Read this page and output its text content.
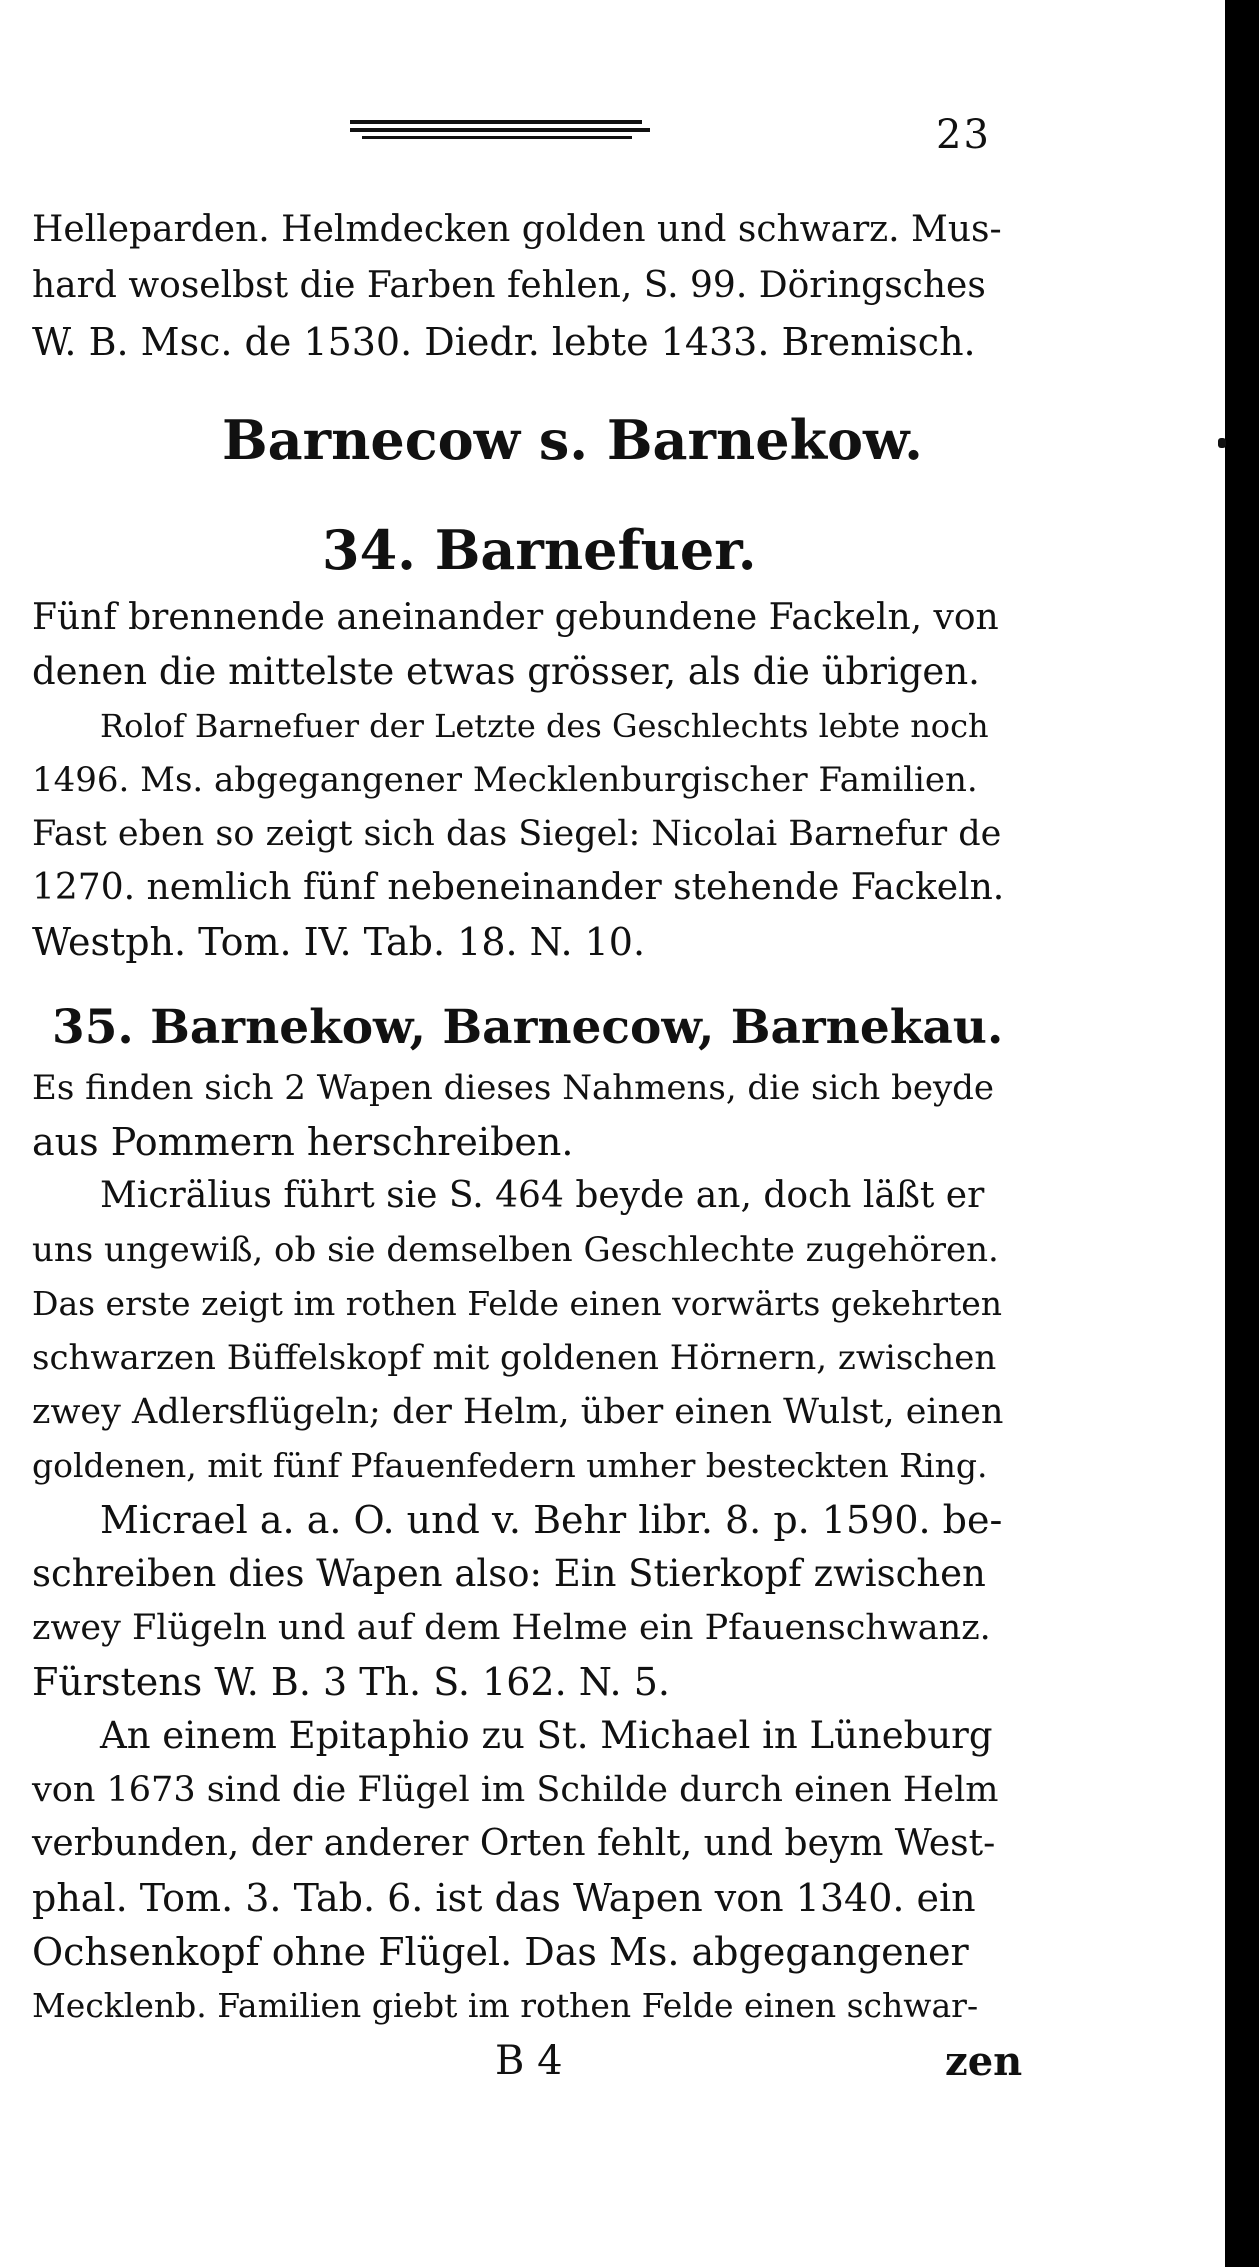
23
Helleparden. Helmdecken golden und schwarz. Mus-
hard woselbst die Farben fehlen, S. 99. Döringsches
W. B. Msc. de 1530. Diedr. lebte 1433. Bremisch.
Barnecow s. Barnekow.
34. Barnefuer.
Fünf brennende aneinander gebundene Fackeln, von
denen die mittelste etwas grösser, als die übrigen.
Rolof Barnefuer der Letzte des Geschlechts lebte noch
1496. Ms. abgegangener Mecklenburgischer Familien.
Fast eben so zeigt sich das Siegel: Nicolai Barnefur de
1270. nemlich fünf nebeneinander stehende Fackeln.
Westph. Tom. IV. Tab. 18. N. 10.
35. Barnekow, Barnecow, Barnekau.
Es finden sich 2 Wapen dieses Nahmens, die sich beyde
aus Pommern herschreiben.
Micrälius führt sie S. 464 beyde an, doch läßt er
uns ungewiß, ob sie demselben Geschlechte zugehören.
Das erste zeigt im rothen Felde einen vorwärts gekehrten
schwarzen Büffelskopf mit goldenen Hörnern, zwischen
zwey Adlersflügeln; der Helm, über einen Wulst, einen
goldenen, mit fünf Pfauenfedern umher besteckten Ring.
Micrael a. a. O. und v. Behr libr. 8. p. 1590. be-
schreiben dies Wapen also: Ein Stierkopf zwischen
zwey Flügeln und auf dem Helme ein Pfauenschwanz.
Fürstens W. B. 3 Th. S. 162. N. 5.
An einem Epitaphio zu St. Michael in Lüneburg
von 1673 sind die Flügel im Schilde durch einen Helm
verbunden, der anderer Orten fehlt, und beym West-
phal. Tom. 3. Tab. 6. ist das Wapen von 1340. ein
Ochsenkopf ohne Flügel. Das Ms. abgegangener
Mecklenb. Familien giebt im rothen Felde einen schwar-
B 4	zen
